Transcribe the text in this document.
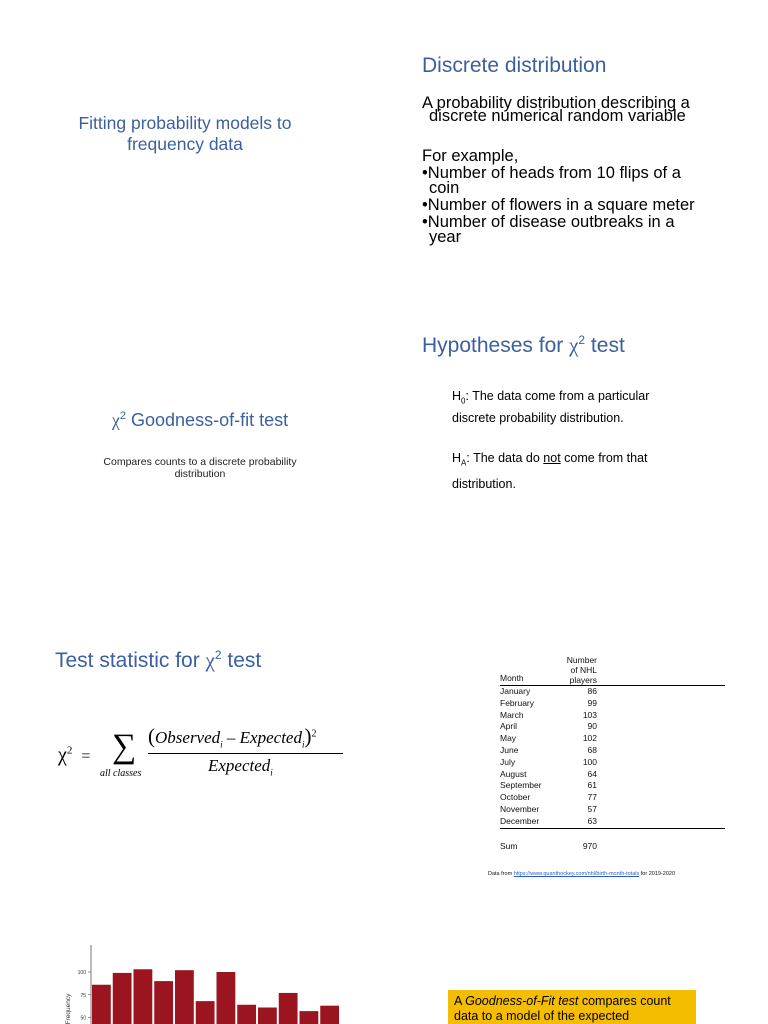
Fitting probability models to frequency data
Discrete distribution
A probability distribution describing a
discrete numerical random variable
For example,
•Number of heads from 10 flips of a
coin
•Number of flowers in a square meter
•Number of disease outbreaks in a
year
$\chi^2$ Goodness-of-fit test
Compares counts to a discrete probability distribution
Hypotheses for $\chi^2$ test
$H_0$: The data come from a particular discrete probability distribution.
$H_A$: The data do not come from that distribution.
Test statistic for $\chi^2$ test
$\chi^2$ = ∑
all classes
(Observed$_i$ – Expected$_i$)$^2$
Expected$_i$
Month	Number
of NHL
players	

January	86	
February	99	
March	103	
April	90	
May	102	
June	68	
July	100	
August	64	
September	61	
October	77	
November	57	
December	63	
Sum	970	
Data from https://www.quanthockey.com/nhl/birth-month-totals for 2019-2020
50
75
100
Frequency	A Goodness-of-Fit test compares count
data to a model of the expected
